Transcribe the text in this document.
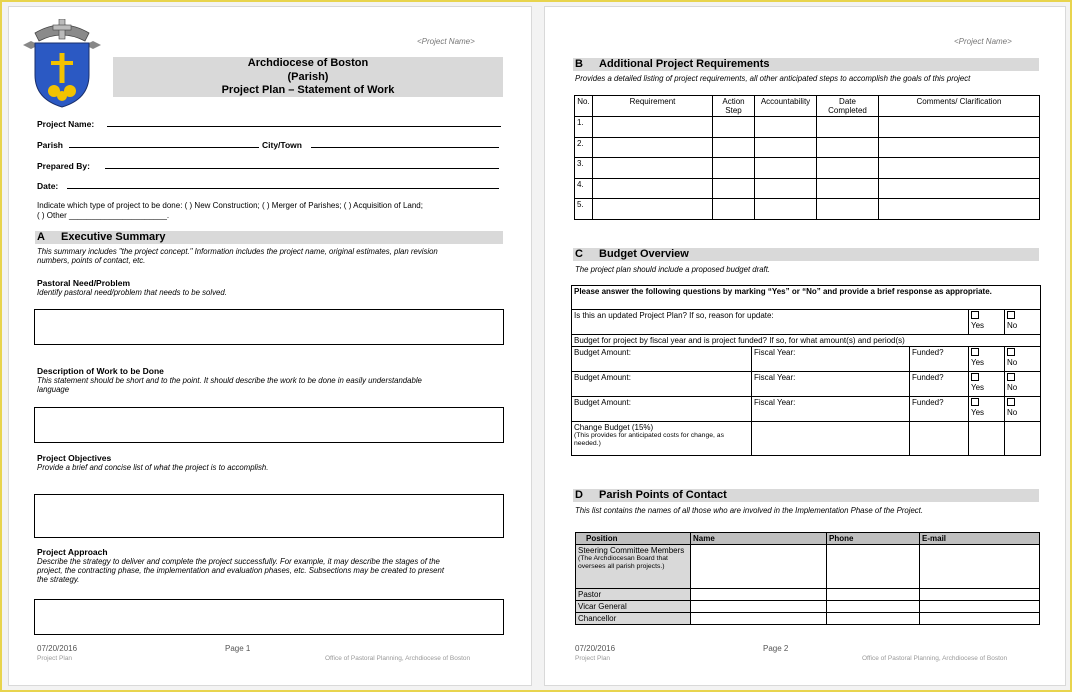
<Project Name>
Archdiocese of Boston
(Parish)
Project Plan – Statement of Work
Project Name:
Parish	City/Town
Prepared By:
Date:
Indicate which type of project to be done: ( ) New Construction; ( ) Merger of Parishes; ( ) Acquisition of Land;
( ) Other ______________________.
A Executive Summary
This summary includes "the project concept." Information includes the project name, original estimates, plan revision
numbers, points of contact, etc.
Pastoral Need/Problem
Identify pastoral need/problem that needs to be solved.
Description of Work to be Done
This statement should be short and to the point. It should describe the work to be done in easily understandable
language
Project Objectives
Provide a brief and concise list of what the project is to accomplish.
Project Approach
Describe the strategy to deliver and complete the project successfully. For example, it may describe the stages of the
project, the contracting phase, the implementation and evaluation phases, etc. Subsections may be created to present
the strategy.
07/20/2016	Page 1
Project Plan	Office of Pastoral Planning, Archdiocese of Boston
<Project Name>
B Additional Project Requirements
Provides a detailed listing of project requirements, all other anticipated steps to accomplish the goals of this project
No.	Requirement	Action Step	Accountability	Date Completed	Comments/ Clarification
1.					
2.					
3.					
4.					
5.					
C Budget Overview
The project plan should include a proposed budget draft.
Please answer the following questions by marking “Yes” or “No” and provide a brief response as appropriate.				
Is this an updated Project Plan? If so, reason for update:			Yes	No
Budget for project by fiscal year and is project funded? If so, for what amount(s) and period(s)				
Budget Amount:	Fiscal Year:	Funded?	Yes	No
Budget Amount:	Fiscal Year:	Funded?	Yes	No
Budget Amount:	Fiscal Year:	Funded?	Yes	No

Change Budget (15%)
(This provides for anticipated costs for change, as needed.)				

D Parish Points of Contact
This list contains the names of all those who are involved in the Implementation Phase of the Project.
Position	Name	Phone	E-mail

Steering Committee Members
(The Archdiocesan Board that oversees all parish projects.)			

Pastor			
Vicar General			
Chancellor			
07/20/2016	Page 2
Project Plan	Office of Pastoral Planning, Archdiocese of Boston
